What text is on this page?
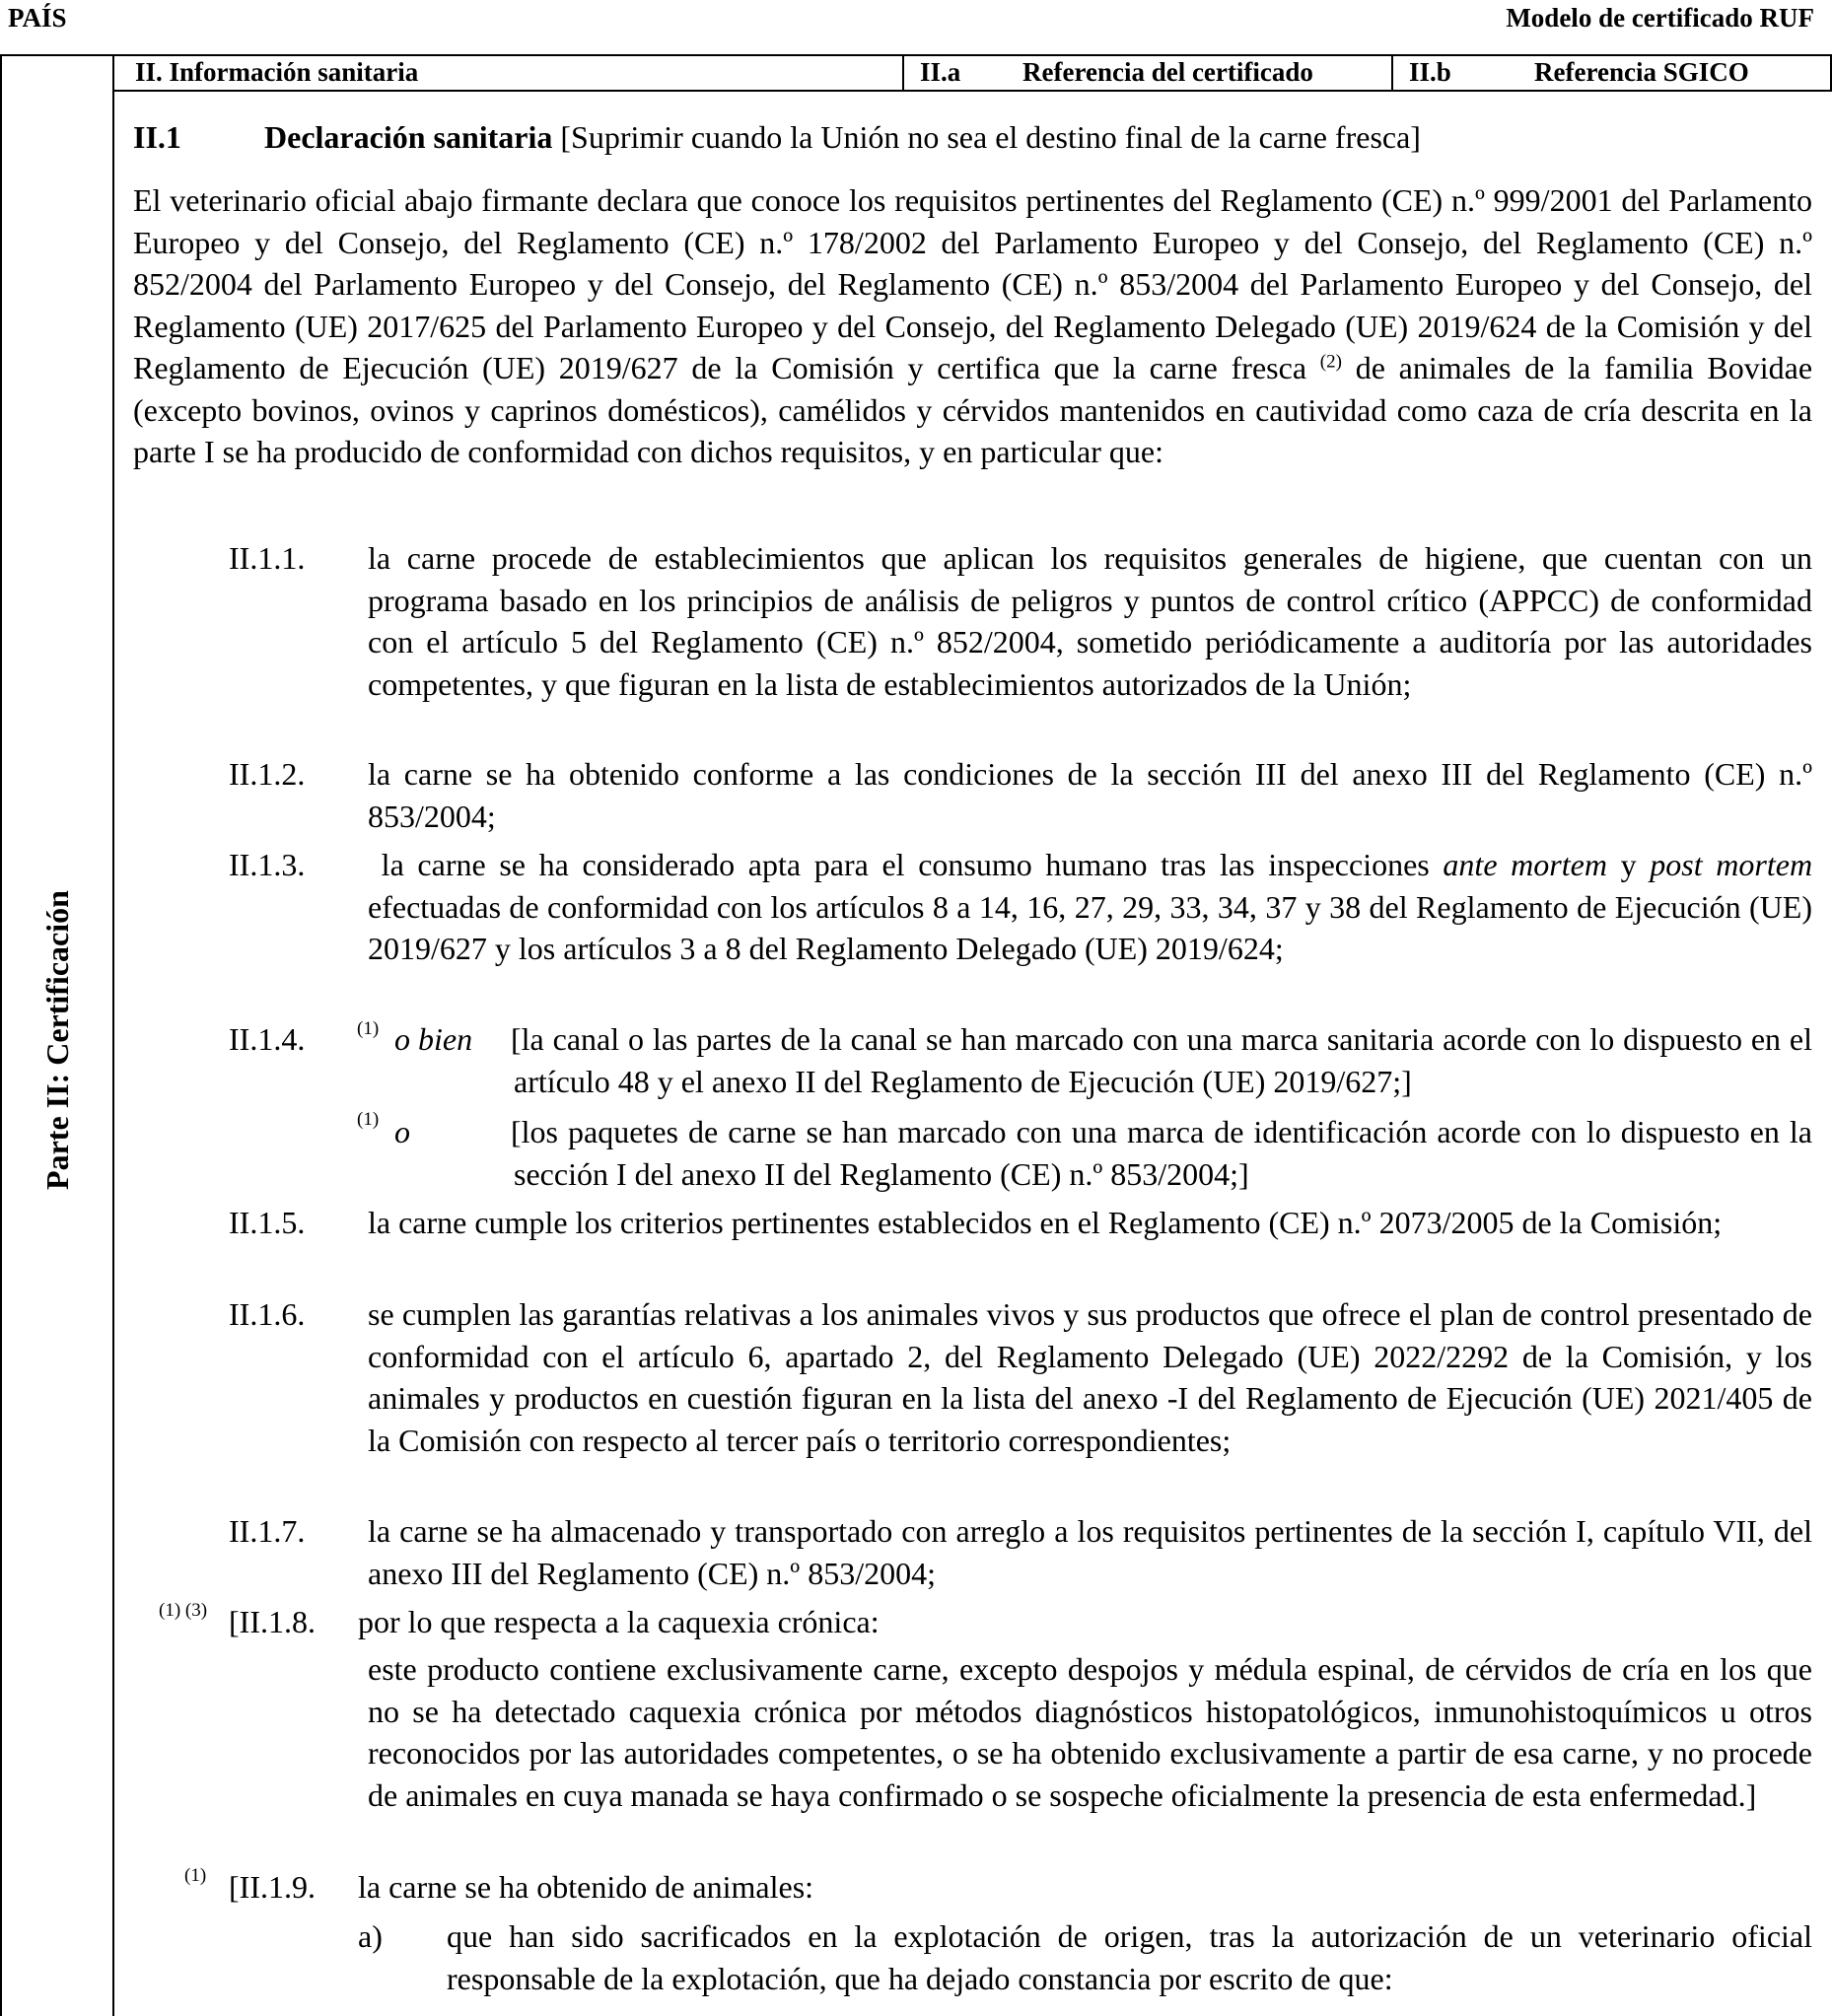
PAÍS	Modelo de certificado RUF
Parte II: Certificación
II. Información sanitaria	II.a Referencia del certificado	II.b	Referencia SGICO
II.1	Declaración sanitaria [Suprimir cuando la Unión no sea el destino final de la carne fresca]
El veterinario oficial abajo firmante declara que conoce los requisitos pertinentes del Reglamento (CE) n.º 999/2001 del Parlamento Europeo y del Consejo, del Reglamento (CE) n.º 178/2002 del Parlamento Europeo y del Consejo, del Reglamento (CE) n.º 852/2004 del Parlamento Europeo y del Consejo, del Reglamento (CE) n.º 853/2004 del Parlamento Europeo y del Consejo, del Reglamento (UE) 2017/625 del Parlamento Europeo y del Consejo, del Reglamento Delegado (UE) 2019/624 de la Comisión y del Reglamento de Ejecución (UE) 2019/627 de la Comisión y certifica que la carne fresca $^{(2)}$ de animales de la familia Bovidae (excepto bovinos, ovinos y caprinos domésticos), camélidos y cérvidos mantenidos en cautividad como caza de cría descrita en la parte I se ha producido de conformidad con dichos requisitos, y en particular que:
II.1.1. la carne procede de establecimientos que aplican los requisitos generales de higiene, que cuentan con un programa basado en los principios de análisis de peligros y puntos de control crítico (APPCC) de conformidad con el artículo 5 del Reglamento (CE) n.º 852/2004, sometido periódicamente a auditoría por las autoridades competentes, y que figuran en la lista de establecimientos autorizados de la Unión;
II.1.2. la carne se ha obtenido conforme a las condiciones de la sección III del anexo III del Reglamento (CE) n.º 853/2004;
II.1.3.	la carne se ha considerado apta para el consumo humano tras las inspecciones ante mortem y post mortem efectuadas de conformidad con los artículos 8 a 14, 16, 27, 29, 33, 34, 37 y 38 del Reglamento de Ejecución (UE) 2019/627 y los artículos 3 a 8 del Reglamento Delegado (UE) 2019/624;
II.1.4.	(1) o bien [la canal o las partes de la canal se han marcado con una marca sanitaria acorde con lo dispuesto en el artículo 48 y el anexo II del Reglamento de Ejecución (UE) 2019/627;]
(1) o	[los paquetes de carne se han marcado con una marca de identificación acorde con lo dispuesto en la sección I del anexo II del Reglamento (CE) n.º 853/2004;]
II.1.5. la carne cumple los criterios pertinentes establecidos en el Reglamento (CE) n.º 2073/2005 de la Comisión;
II.1.6. se cumplen las garantías relativas a los animales vivos y sus productos que ofrece el plan de control presentado de conformidad con el artículo 6, apartado 2, del Reglamento Delegado (UE) 2022/2292 de la Comisión, y los animales y productos en cuestión figuran en la lista del anexo -I del Reglamento de Ejecución (UE) 2021/405 de la Comisión con respecto al tercer país o territorio correspondientes;
II.1.7. la carne se ha almacenado y transportado con arreglo a los requisitos pertinentes de la sección I, capítulo VII, del anexo III del Reglamento (CE) n.º 853/2004;
(1) (3) [II.1.8. por lo que respecta a la caquexia crónica:
este producto contiene exclusivamente carne, excepto despojos y médula espinal, de cérvidos de cría en los que no se ha detectado caquexia crónica por métodos diagnósticos histopatológicos, inmunohistoquímicos u otros reconocidos por las autoridades competentes, o se ha obtenido exclusivamente a partir de esa carne, y no procede de animales en cuya manada se haya confirmado o se sospeche oficialmente la presencia de esta enfermedad.]
(1) [II.1.9. la carne se ha obtenido de animales:
a) que han sido sacrificados en la explotación de origen, tras la autorización de un veterinario oficial responsable de la explotación, que ha dejado constancia por escrito de que:
